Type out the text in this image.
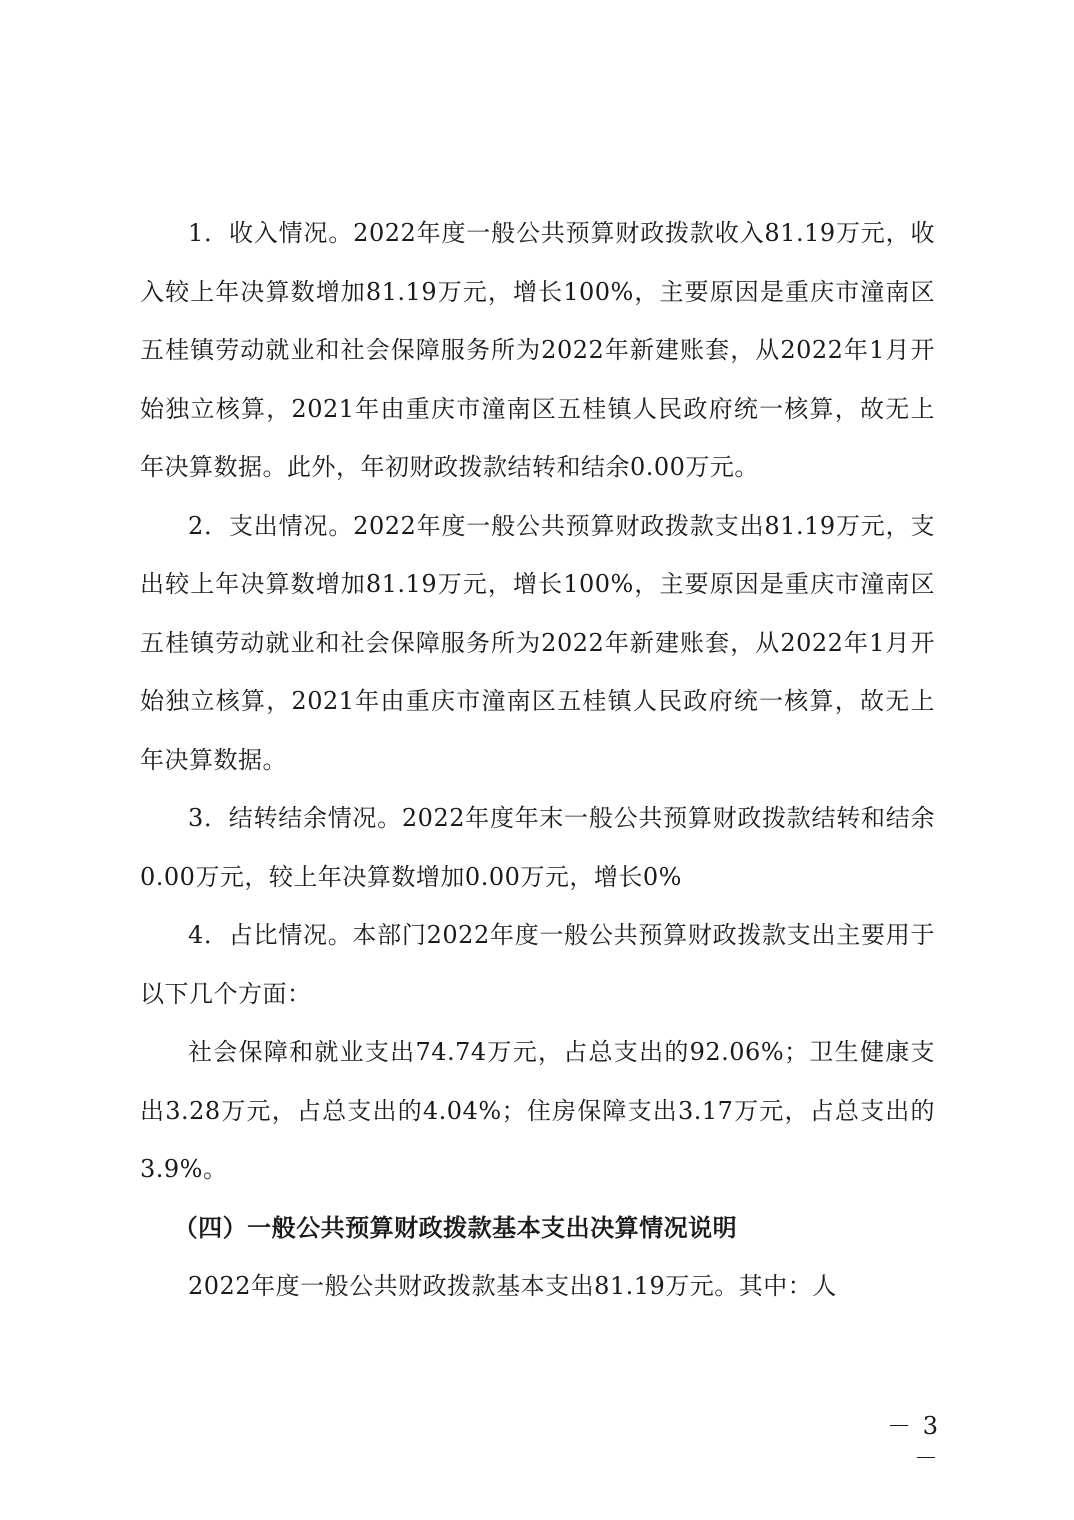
1．收入情况。2022年度一般公共预算财政拨款收入81.19万元，收入较上年决算数增加81.19万元，增长100%，主要原因是重庆市潼南区五桂镇劳动就业和社会保障服务所为2022年新建账套，从2022年1月开始独立核算，2021年由重庆市潼南区五桂镇人民政府统一核算，故无上年决算数据。此外，年初财政拨款结转和结余0.00万元。

2．支出情况。2022年度一般公共预算财政拨款支出81.19万元，支出较上年决算数增加81.19万元，增长100%，主要原因是重庆市潼南区五桂镇劳动就业和社会保障服务所为2022年新建账套，从2022年1月开始独立核算，2021年由重庆市潼南区五桂镇人民政府统一核算，故无上年决算数据。

3．结转结余情况。2022年度年末一般公共预算财政拨款结转和结余0.00万元，较上年决算数增加0.00万元，增长0%

4．占比情况。本部门2022年度一般公共预算财政拨款支出主要用于以下几个方面：

社会保障和就业支出74.74万元，占总支出的92.06%；卫生健康支出3.28万元，占总支出的4.04%；住房保障支出3.17万元，占总支出的3.9%。

（四）一般公共预算财政拨款基本支出决算情况说明

2022年度一般公共财政拨款基本支出81.19万元。其中：人

－ 3 －
